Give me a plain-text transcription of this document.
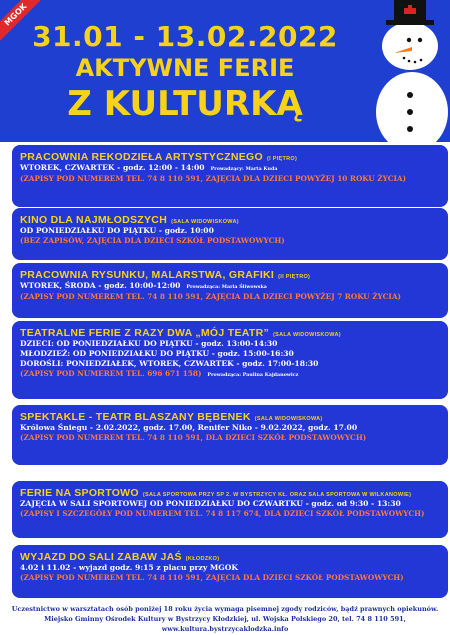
MGOK
31.01 - 13.02.2022
AKTYWNE FERIE
Z KULTURKĄ
PRACOWNIA REKODZIEŁA ARTYSTYCZNEGO (I PIĘTRO)
WTOREK, CZWARTEK - godz. 12:00 - 14:00 Prowadzący: Marta Kuda
(ZAPISY POD NUMEREM TEL. 74 8 110 591, ZAJĘCIA DLA DZIECI POWYŻEJ 10 ROKU ŻYCIA)
KINO DLA NAJMŁODSZYCH (SALA WIDOWISKOWA)
OD PONIEDZIAŁKU DO PIĄTKU - godz. 10:00
(BEZ ZAPISÓW, ZAJĘCIA DLA DZIECI SZKÓŁ PODSTAWOWYCH)
PRACOWNIA RYSUNKU, MALARSTWA, GRAFIKI (II PIĘTRO)
WTOREK, ŚRODA - godz. 10:00-12:00 Prowadząca: Maria Śliwowska
(ZAPISY POD NUMEREM TEL. 74 8 110 591, ZAJĘCIA DLA DZIECI POWYŻEJ 7 ROKU ŻYCIA)
TEATRALNE FERIE Z RAZY DWA „MÓJ TEATR” (SALA WIDOWISKOWA)
DZIECI: OD PONIEDZIAŁKU DO PIĄTKU - godz. 13:00-14:30
MŁODZIEŻ: OD PONIEDZIAŁKU DO PIĄTKU - godz. 15:00-16:30
DOROŚLI: PONIEDZIAŁEK, WTOREK, CZWARTEK - godz. 17:00-18:30
(ZAPISY POD NUMEREM TEL. 696 671 158) Prowadząca: Paulina Kajdanowicz
SPEKTAKLE - TEATR BLASZANY BĘBENEK (SALA WIDOWISKOWA)
Królowa Śniegu - 2.02.2022, godz. 17.00, Renifer Niko - 9.02.2022, godz. 17.00
(ZAPISY POD NUMEREM TEL. 74 8 110 591, DLA DZIECI SZKÓŁ PODSTAWOWYCH)
FERIE NA SPORTOWO (SALA SPORTOWA PRZY SP 2. W BYSTRZYCY KŁ. ORAZ SALA SPORTOWA W WILKANOWIE)
ZAJĘCIA W SALI SPORTOWEJ OD PONIEDZIAŁKU DO CZWARTKU - godz. od 9:30 - 13:30
(ZAPISY I SZCZEGÓŁY POD NUMEREM TEL. 74 8 117 674, DLA DZIECI SZKÓŁ PODSTAWOWYCH)
WYJAZD DO SALI ZABAW JAŚ (KŁODZKO)
4.02 i 11.02 - wyjazd godz. 9:15 z placu przy MGOK
(ZAPISY POD NUMEREM TEL. 74 8 110 591, ZAJĘCIA DLA DZIECI SZKÓŁ PODSTAWOWYCH)
Uczestnictwo w warsztatach osób poniżej 18 roku życia wymaga pisemnej zgody rodziców, bądź prawnych opiekunów.
Miejsko Gminny Ośrodek Kultury w Bystrzycy Kłodzkiej, ul. Wojska Polskiego 20, tel. 74 8 110 591, www.kultura.bystrzycaklodzka.info
